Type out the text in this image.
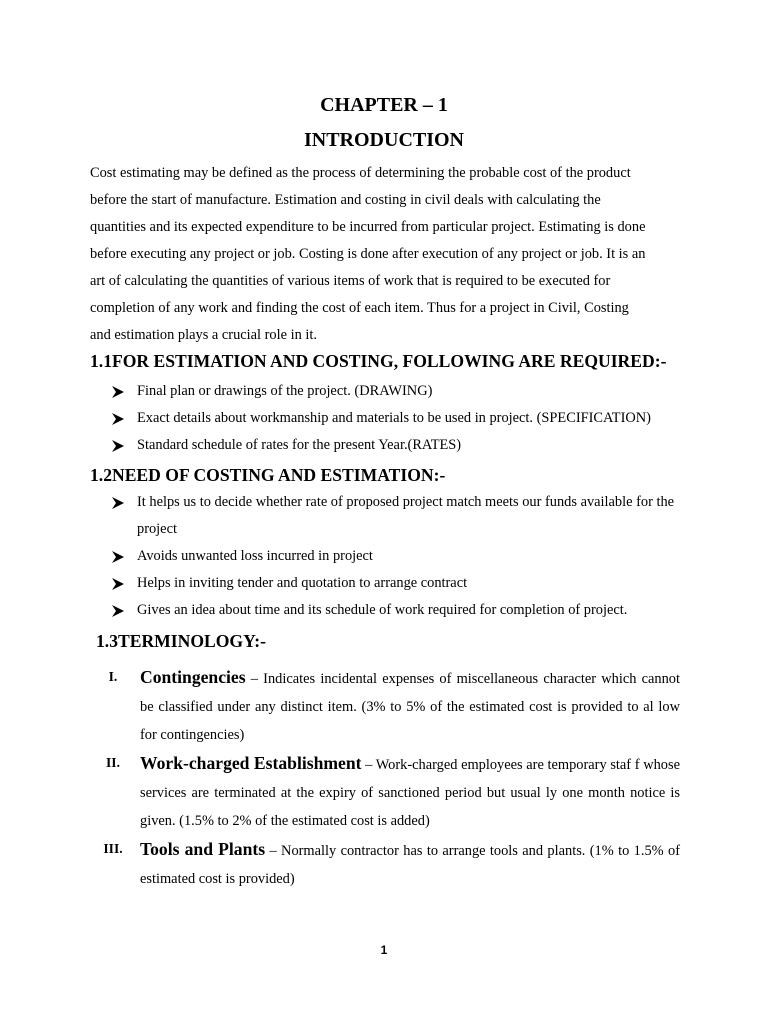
CHAPTER – 1
INTRODUCTION
Cost estimating may be defined as the process of determining the probable cost of the product
before the start of manufacture. Estimation and costing in civil deals with calculating the
quantities and its expected expenditure to be incurred from particular project. Estimating is done
before executing any project or job. Costing is done after execution of any project or job. It is an
art of calculating the quantities of various items of work that is required to be executed for
completion of any work and finding the cost of each item. Thus for a project in Civil, Costing
and estimation plays a crucial role in it.
1.1FOR ESTIMATION AND COSTING, FOLLOWING ARE REQUIRED:-
Final plan or drawings of the project. (DRAWING)
Exact details about workmanship and materials to be used in project. (SPECIFICATION)
Standard schedule of rates for the present Year.(RATES)
1.2NEED OF COSTING AND ESTIMATION:-
It helps us to decide whether rate of proposed project match meets our funds available for the project
Avoids unwanted loss incurred in project
Helps in inviting tender and quotation to arrange contract
Gives an idea about time and its schedule of work required for completion of project.
1.3TERMINOLOGY:-
I.	Contingencies – Indicates incidental expenses of miscellaneous character which cannot be classified under any distinct item. (3% to 5% of the estimated cost is provided to al low for contingencies)
II.	Work-charged Establishment – Work-charged employees are temporary staf f whose services are terminated at the expiry of sanctioned period but usual ly one month notice is given. (1.5% to 2% of the estimated cost is added)
III. Tools and Plants – Normally contractor has to arrange tools and plants. (1% to 1.5% of estimated cost is provided)
1
